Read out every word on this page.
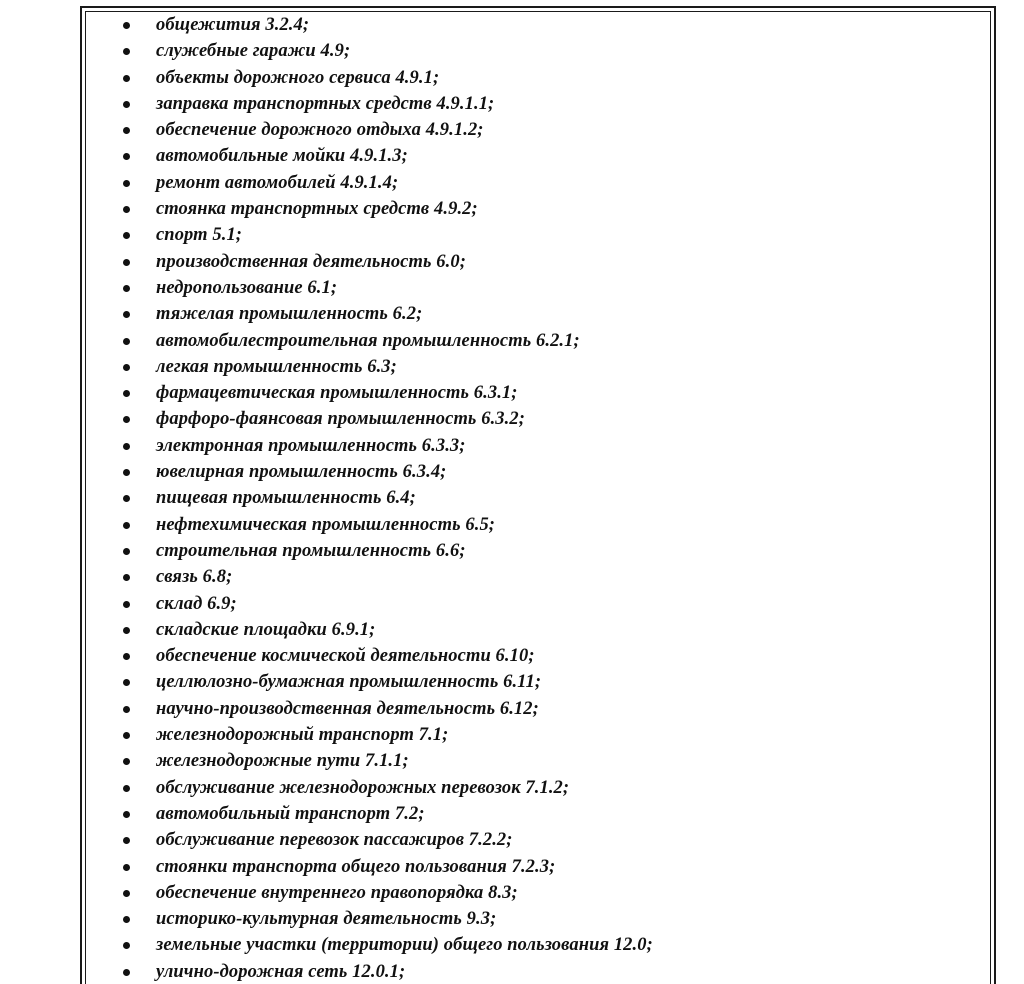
общежития 3.2.4;
служебные гаражи 4.9;
объекты дорожного сервиса 4.9.1;
заправка транспортных средств 4.9.1.1;
обеспечение дорожного отдыха 4.9.1.2;
автомобильные мойки 4.9.1.3;
ремонт автомобилей 4.9.1.4;
стоянка транспортных средств 4.9.2;
спорт 5.1;
производственная деятельность 6.0;
недропользование 6.1;
тяжелая промышленность 6.2;
автомобилестроительная промышленность 6.2.1;
легкая промышленность 6.3;
фармацевтическая промышленность 6.3.1;
фарфоро-фаянсовая промышленность 6.3.2;
электронная промышленность 6.3.3;
ювелирная промышленность 6.3.4;
пищевая промышленность 6.4;
нефтехимическая промышленность 6.5;
строительная промышленность 6.6;
связь 6.8;
склад 6.9;
складские площадки 6.9.1;
обеспечение космической деятельности 6.10;
целлюлозно-бумажная промышленность 6.11;
научно-производственная деятельность 6.12;
железнодорожный транспорт 7.1;
железнодорожные пути 7.1.1;
обслуживание железнодорожных перевозок 7.1.2;
автомобильный транспорт 7.2;
обслуживание перевозок пассажиров 7.2.2;
стоянки транспорта общего пользования 7.2.3;
обеспечение внутреннего правопорядка 8.3;
историко-культурная деятельность 9.3;
земельные участки (территории) общего пользования 12.0;
улично-дорожная сеть 12.0.1;
